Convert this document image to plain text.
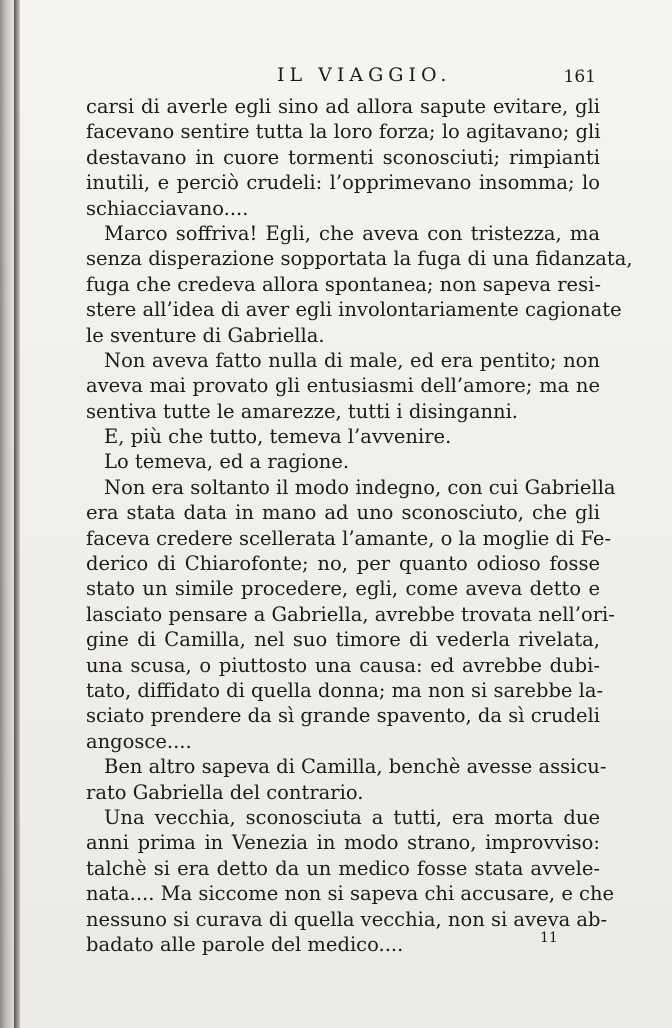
IL VIAGGIO.	161
carsi di averle egli sino ad allora sapute evitare, gli
facevano sentire tutta la loro forza; lo agitavano; gli
destavano in cuore tormenti sconosciuti; rimpianti
inutili, e perciò crudeli: l’opprimevano insomma; lo
schiacciavano....
Marco soffriva! Egli, che aveva con tristezza, ma
senza disperazione sopportata la fuga di una fidanzata,
fuga che credeva allora spontanea; non sapeva resi-
stere all’idea di aver egli involontariamente cagionate
le sventure di Gabriella.
Non aveva fatto nulla di male, ed era pentito; non
aveva mai provato gli entusiasmi dell’amore; ma ne
sentiva tutte le amarezze, tutti i disinganni.
E, più che tutto, temeva l’avvenire.
Lo temeva, ed a ragione.
Non era soltanto il modo indegno, con cui Gabriella
era stata data in mano ad uno sconosciuto, che gli
faceva credere scellerata l’amante, o la moglie di Fe-
derico di Chiarofonte; no, per quanto odioso fosse
stato un simile procedere, egli, come aveva detto e
lasciato pensare a Gabriella, avrebbe trovata nell’ori-
gine di Camilla, nel suo timore di vederla rivelata,
una scusa, o piuttosto una causa: ed avrebbe dubi-
tato, diffidato di quella donna; ma non si sarebbe la-
sciato prendere da sì grande spavento, da sì crudeli
angosce....
Ben altro sapeva di Camilla, benchè avesse assicu-
rato Gabriella del contrario.
Una vecchia, sconosciuta a tutti, era morta due
anni prima in Venezia in modo strano, improvviso:
talchè si era detto da un medico fosse stata avvele-
nata.... Ma siccome non si sapeva chi accusare, e che
nessuno si curava di quella vecchia, non si aveva ab-
badato alle parole del medico....	11
